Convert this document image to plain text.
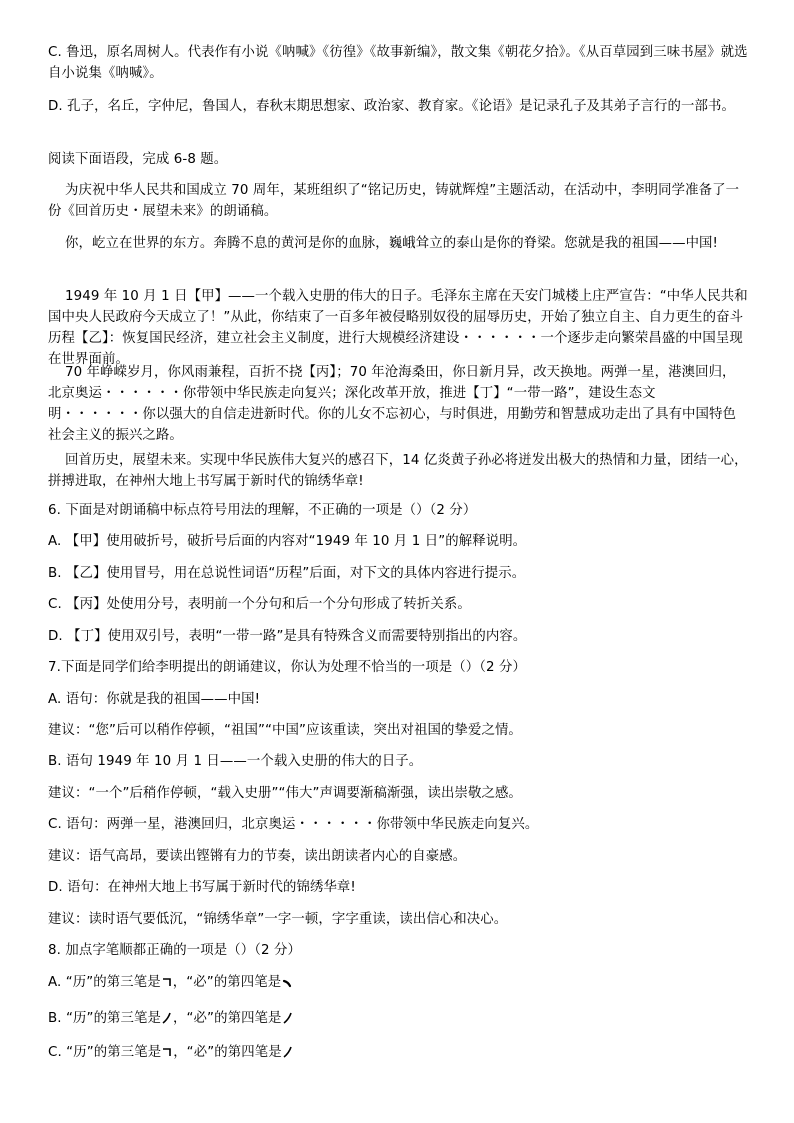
C. 鲁迅，原名周树人。代表作有小说《呐喊》《彷徨》《故事新编》，散文集《朝花夕拾》。《从百草园到三味书屋》就选自小说集《呐喊》。

D. 孔子，名丘，字仲尼，鲁国人，春秋末期思想家、政治家、教育家。《论语》是记录孔子及其弟子言行的一部书。

阅读下面语段，完成 6-8 题。

为庆祝中华人民共和国成立 70 周年，某班组织了“铭记历史，铸就辉煌”主题活动，在活动中，李明同学准备了一份《回首历史・展望未来》的朗诵稿。

你，屹立在世界的东方。奔腾不息的黄河是你的血脉，巍峨耸立的泰山是你的脊梁。您就是我的祖国——中国!

1949 年 10 月 1 日【甲】——一个载入史册的伟大的日子。毛泽东主席在天安门城楼上庄严宣告：“中华人民共和国中央人民政府今天成立了！”从此，你结束了一百多年被侵略别奴役的屈辱历史，开始了独立自主、自力更生的奋斗历程【乙】：恢复国民经济，建立社会主义制度，进行大规模经济建设・・・・・・一个逐步走向繁荣昌盛的中国呈现在世界面前。

70 年峥嵘岁月，你风雨兼程，百折不挠【丙】；70 年沧海桑田，你日新月异，改天换地。两弹一星，港澳回归，北京奥运・・・・・・你带领中华民族走向复兴；深化改革开放，推进【丁】“一带一路”，建设生态文明・・・・・・你以强大的自信走进新时代。你的儿女不忘初心，与时俱进，用勤劳和智慧成功走出了具有中国特色社会主义的振兴之路。

回首历史，展望未来。实现中华民族伟大复兴的感召下，14 亿炎黄子孙必将迸发出极大的热情和力量，团结一心，拼搏进取，在神州大地上书写属于新时代的锦绣华章!

6. 下面是对朗诵稿中标点符号用法的理解，不正确的一项是（）（2 分）

A. 【甲】使用破折号，破折号后面的内容对“1949 年 10 月 1 日”的解释说明。

B. 【乙】使用冒号，用在总说性词语“历程”后面，对下文的具体内容进行提示。

C. 【丙】处使用分号，表明前一个分句和后一个分句形成了转折关系。

D. 【丁】使用双引号，表明“一带一路”是具有特殊含义而需要特别指出的内容。

7.下面是同学们给李明提出的朗诵建议，你认为处理不恰当的一项是（）（2 分）

A. 语句：你就是我的祖国——中国!

建议：“您”后可以稍作停顿，“祖国”“中国”应该重读，突出对祖国的挚爱之情。

B. 语句 1949 年 10 月 1 日——一个载入史册的伟大的日子。

建议：“一个”后稍作停顿，“载入史册”“伟大”声调要渐稿渐强，读出崇敬之感。

C. 语句：两弹一星，港澳回归，北京奥运・・・・・・你带领中华民族走向复兴。

建议：语气高昂，要读出铿锵有力的节奏，读出朗读者内心的自豪感。

D. 语句：在神州大地上书写属于新时代的锦绣华章!

建议：读时语气要低沉，“锦绣华章”一字一顿，字字重读，读出信心和决心。

8. 加点字笔顺都正确的一项是（）（2 分）

A. “历”的第三笔是 ，“必”的第四笔是

B. “历”的第三笔是 ，“必”的第四笔是

C. “历”的第三笔是 ，“必”的第四笔是
